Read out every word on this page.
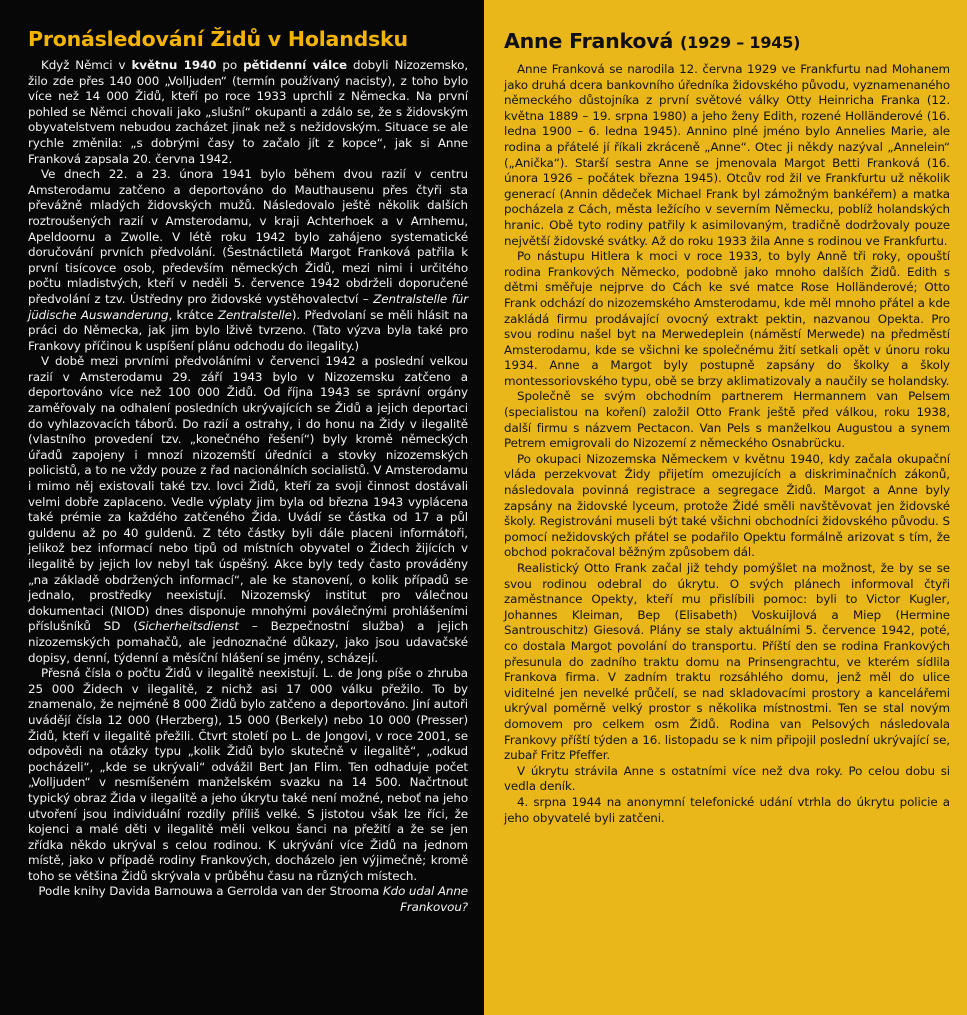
Pronásledování Židů v Holandsku

Když Němci v květnu 1940 po pětidenní válce dobyli Nizozemsko, žilo zde přes 140 000 „Volljuden“ (termín používaný nacisty), z toho bylo více než 14 000 Židů, kteří po roce 1933 uprchli z Německa. Na první pohled se Němci chovali jako „slušní“ okupanti a zdálo se, že s židovským obyvatelstvem nebudou zacházet jinak než s nežidovským. Situace se ale rychle změnila: „s dobrými časy to začalo jít z kopce“, jak si Anne Franková zapsala 20. června 1942.

Ve dnech 22. a 23. února 1941 bylo během dvou razií v centru Amsterodamu zatčeno a deportováno do Mauthausenu přes čtyři sta převážně mladých židovských mužů. Následovalo ještě několik dalších roztroušených razií v Amsterodamu, v kraji Achterhoek a v Arnhemu, Apeldoornu a Zwolle. V létě roku 1942 bylo zahájeno systematické doručování prvních předvolání. (Šestnáctiletá Margot Franková patřila k první tisícovce osob, především německých Židů, mezi nimi i určitého počtu mladistvých, kteří v neděli 5. července 1942 obdrželi doporučené předvolání z tzv. Ústředny pro židovské vystěhovalectví – Zentralstelle für jüdische Auswanderung, krátce Zentralstelle). Předvolaní se měli hlásit na práci do Německa, jak jim bylo lživě tvrzeno. (Tato výzva byla také pro Frankovy příčinou k uspíšení plánu odchodu do ilegality.)

V době mezi prvními předvoláními v červenci 1942 a poslední velkou razií v Amsterodamu 29. září 1943 bylo v Nizozemsku zatčeno a deportováno více než 100 000 Židů. Od října 1943 se správní orgány zaměřovaly na odhalení posledních ukrývajících se Židů a jejich deportaci do vyhlazovacích táborů. Do razií a ostrahy, i do honu na Židy v ilegalitě (vlastního provedení tzv. „konečného řešení“) byly kromě německých úřadů zapojeny i mnozí nizozemští úředníci a stovky nizozemských policistů, a to ne vždy pouze z řad nacionálních socialistů. V Amsterodamu i mimo něj existovali také tzv. lovci Židů, kteří za svoji činnost dostávali velmi dobře zaplaceno. Vedle výplaty jim byla od března 1943 vyplácena také prémie za každého zatčeného Žida. Uvádí se částka od 17 a půl guldenu až po 40 guldenů. Z této částky byli dále placeni informátoři, jelikož bez informací nebo tipů od místních obyvatel o Židech žijících v ilegalitě by jejich lov nebyl tak úspěšný. Akce byly tedy často prováděny „na základě obdržených informací“, ale ke stanovení, o kolik případů se jednalo, prostředky neexistují. Nizozemský institut pro válečnou dokumentaci (NIOD) dnes disponuje mnohými poválečnými prohlášeními příslušníků SD (Sicherheitsdienst – Bezpečnostní služba) a jejich nizozemských pomahačů, ale jednoznačné důkazy, jako jsou udavačské dopisy, denní, týdenní a měsíční hlášení se jmény, scházejí.

Přesná čísla o počtu Židů v ilegalitě neexistují. L. de Jong píše o zhruba 25 000 Židech v ilegalitě, z nichž asi 17 000 válku přežilo. To by znamenalo, že nejméně 8 000 Židů bylo zatčeno a deportováno. Jiní autoři uvádějí čísla 12 000 (Herzberg), 15 000 (Berkely) nebo 10 000 (Presser) Židů, kteří v ilegalitě přežili. Čtvrt století po L. de Jongovi, v roce 2001, se odpovědi na otázky typu „kolik Židů bylo skutečně v ilegalitě“, „odkud pocházeli“, „kde se ukrývali“ odvážil Bert Jan Flim. Ten odhaduje počet „Volljuden“ v nesmíšeném manželském svazku na 14 500. Načrtnout typický obraz Žida v ilegalitě a jeho úkrytu také není možné, neboť na jeho utvoření jsou individuální rozdíly příliš velké. S jistotou však lze říci, že kojenci a malé děti v ilegalitě měli velkou šanci na přežití a že se jen zřídka někdo ukrýval s celou rodinou. K ukrývání více Židů na jednom místě, jako v případě rodiny Frankových, docházelo jen výjimečně; kromě toho se většina Židů skrývala v průběhu času na různých místech.

Podle knihy Davida Barnouwa a Gerrolda van der Strooma Kdo udal Anne Frankovou?

Anne Franková (1929 – 1945)

Anne Franková se narodila 12. června 1929 ve Frankfurtu nad Mohanem jako druhá dcera bankovního úředníka židovského původu, vyznamenaného německého důstojníka z první světové války Otty Heinricha Franka (12. května 1889 – 19. srpna 1980) a jeho ženy Edith, rozené Holländerové (16. ledna 1900 – 6. ledna 1945). Annino plné jméno bylo Annelies Marie, ale rodina a přátelé jí říkali zkráceně „Anne“. Otec ji někdy nazýval „Annelein“ („Anička“). Starší sestra Anne se jmenovala Margot Betti Franková (16. února 1926 – počátek března 1945). Otcův rod žil ve Frankfurtu už několik generací (Annin dědeček Michael Frank byl zámožným bankéřem) a matka pocházela z Cách, města ležícího v severním Německu, poblíž holandských hranic. Obě tyto rodiny patřily k asimilovaným, tradičně dodržovaly pouze největší židovské svátky. Až do roku 1933 žila Anne s rodinou ve Frankfurtu.

Po nástupu Hitlera k moci v roce 1933, to byly Anně tři roky, opouští rodina Frankových Německo, podobně jako mnoho dalších Židů. Edith s dětmi směřuje nejprve do Cách ke své matce Rose Holländerové; Otto Frank odchází do nizozemského Amsterodamu, kde měl mnoho přátel a kde zakládá firmu prodávající ovocný extrakt pektin, nazvanou Opekta. Pro svou rodinu našel byt na Merwedeplein (náměstí Merwede) na předměstí Amsterodamu, kde se všichni ke společnému žití setkali opět v únoru roku 1934. Anne a Margot byly postupně zapsány do školky a školy montessoriovského typu, obě se brzy aklimatizovaly a naučily se holandsky.

Společně se svým obchodním partnerem Hermannem van Pelsem (specialistou na koření) založil Otto Frank ještě před válkou, roku 1938, další firmu s názvem Pectacon. Van Pels s manželkou Augustou a synem Petrem emigrovali do Nizozemí z německého Osnabrücku.

Po okupaci Nizozemska Německem v květnu 1940, kdy začala okupační vláda perzekvovat Židy přijetím omezujících a diskriminačních zákonů, následovala povinná registrace a segregace Židů. Margot a Anne byly zapsány na židovské lyceum, protože Židé směli navštěvovat jen židovské školy. Registrováni museli být také všichni obchodníci židovského původu. S pomocí nežidovských přátel se podařilo Opektu formálně arizovat s tím, že obchod pokračoval běžným způsobem dál.

Realistický Otto Frank začal již tehdy pomýšlet na možnost, že by se se svou rodinou odebral do úkrytu. O svých plánech informoval čtyři zaměstnance Opekty, kteří mu přislíbili pomoc: byli to Victor Kugler, Johannes Kleiman, Bep (Elisabeth) Voskuijlová a Miep (Hermine Santrouschitz) Giesová. Plány se staly aktuálními 5. července 1942, poté, co dostala Margot povolání do transportu. Příští den se rodina Frankových přesunula do zadního traktu domu na Prinsengrachtu, ve kterém sídlila Frankova firma. V zadním traktu rozsáhlého domu, jenž měl do ulice viditelné jen nevelké průčelí, se nad skladovacími prostory a kancelářemi ukrýval poměrně velký prostor s několika místnostmi. Ten se stal novým domovem pro celkem osm Židů. Rodina van Pelsových následovala Frankovy příští týden a 16. listopadu se k nim připojil poslední ukrývající se, zubař Fritz Pfeffer.

V úkrytu strávila Anne s ostatními více než dva roky. Po celou dobu si vedla deník.

4. srpna 1944 na anonymní telefonické udání vtrhla do úkrytu policie a jeho obyvatelé byli zatčeni.
